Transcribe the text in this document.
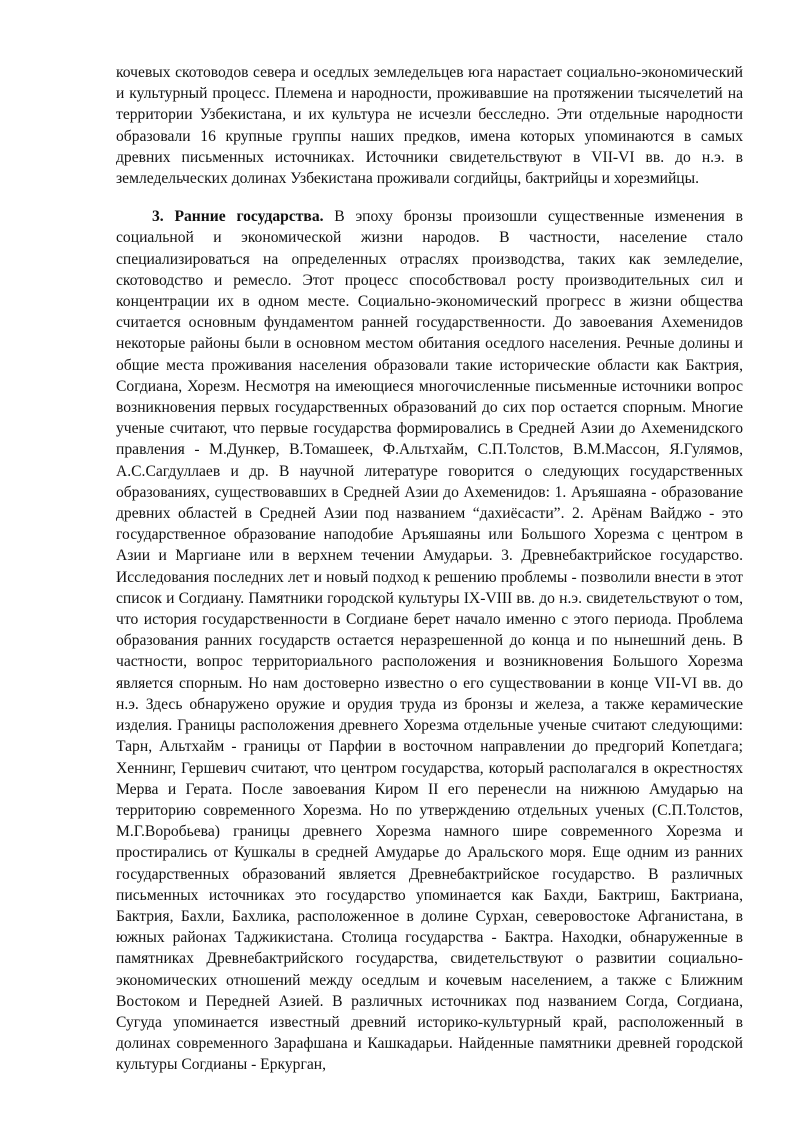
кочевых скотоводов севера и оседлых земледельцев юга нарастает социально-экономический и культурный процесс. Племена и народности, проживавшие на протяжении тысячелетий на территории Узбекистана, и их культура не исчезли бесследно. Эти отдельные народности образовали 16 крупные группы наших предков, имена которых упоминаются в самых древних письменных источниках. Источники свидетельствуют в VII-VI вв. до н.э. в земледельческих долинах Узбекистана проживали согдийцы, бактрийцы и хорезмийцы.

3. Ранние государства. В эпоху бронзы произошли существенные изменения в социальной и экономической жизни народов. В частности, население стало специализироваться на определенных отраслях производства, таких как земледелие, скотоводство и ремесло. Этот процесс способствовал росту производительных сил и концентрации их в одном месте. Социально-экономический прогресс в жизни общества считается основным фундаментом ранней государственности. До завоевания Ахеменидов некоторые районы были в основном местом обитания оседлого населения. Речные долины и общие места проживания населения образовали такие исторические области как Бактрия, Согдиана, Хорезм. Несмотря на имеющиеся многочисленные письменные источники вопрос возникновения первых государственных образований до сих пор остается спорным. Многие ученые считают, что первые государства формировались в Средней Азии до Ахеменидского правления - М.Дункер, В.Томашеек, Ф.Альтхайм, С.П.Толстов, В.М.Массон, Я.Гулямов, А.С.Сагдуллаев и др. В научной литературе говорится о следующих государственных образованиях, существовавших в Средней Азии до Ахеменидов: 1. Аръяшаяна - образование древних областей в Средней Азии под названием “дахиёсасти”. 2. Арёнам Вайджо - это государственное образование наподобие Аръяшаяны или Большого Хорезма с центром в Азии и Маргиане или в верхнем течении Амударьи. 3. Древнебактрийское государство. Исследования последних лет и новый подход к решению проблемы - позволили внести в этот список и Согдиану. Памятники городской культуры IX-VIII вв. до н.э. свидетельствуют о том, что история государственности в Согдиане берет начало именно с этого периода. Проблема образования ранних государств остается неразрешенной до конца и по нынешний день. В частности, вопрос территориального расположения и возникновения Большого Хорезма является спорным. Но нам достоверно известно о его существовании в конце VII-VI вв. до н.э. Здесь обнаружено оружие и орудия труда из бронзы и железа, а также керамические изделия. Границы расположения древнего Хорезма отдельные ученые считают следующими: Тарн, Альтхайм - границы от Парфии в восточном направлении до предгорий Копетдага; Хеннинг, Гершевич считают, что центром государства, который располагался в окрестностях Мерва и Герата. После завоевания Киром II его перенесли на нижнюю Амударью на территорию современного Хорезма. Но по утверждению отдельных ученых (С.П.Толстов, М.Г.Воробьева) границы древнего Хорезма намного шире современного Хорезма и простирались от Кушкалы в средней Амударье до Аральского моря. Еще одним из ранних государственных образований является Древнебактрийское государство. В различных письменных источниках это государство упоминается как Бахди, Бактриш, Бактриана, Бактрия, Бахли, Бахлика, расположенное в долине Сурхан, северовостоке Афганистана, в южных районах Таджикистана. Столица государства - Бактра. Находки, обнаруженные в памятниках Древнебактрийского государства, свидетельствуют о развитии социально-экономических отношений между оседлым и кочевым населением, а также с Ближним Востоком и Передней Азией. В различных источниках под названием Согда, Согдиана, Сугуда упоминается известный древний историко-культурный край, расположенный в долинах современного Зарафшана и Кашкадарьи. Найденные памятники древней городской культуры Согдианы - Еркурган,
